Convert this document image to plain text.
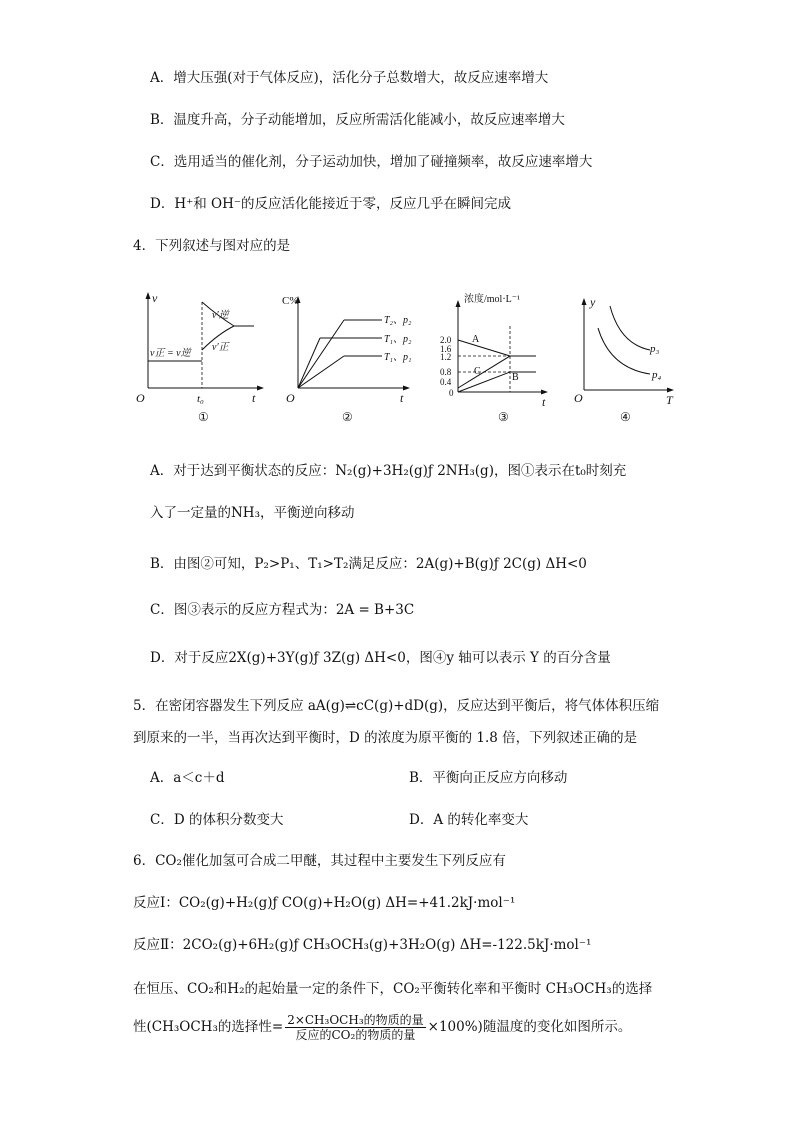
A．增大压强(对于气体反应)，活化分子总数增大，故反应速率增大
B．温度升高，分子动能增加，反应所需活化能减小，故反应速率增大
C．选用适当的催化剂，分子运动加快，增加了碰撞频率，故反应速率增大
D．H⁺和 OH⁻的反应活化能接近于零，反应几乎在瞬间完成
4．下列叙述与图对应的是
v
t
O	t₀
v′逆
v′正
v正 = v逆
①
C%
t
O
T₂、p₂
T₁、p₂
T₁、p₁
②
浓度/mol·L⁻¹
t
0
2.0
1.6
1.2
0.8
0.4
A
B
C
③
y
T
O
p₃
p₄
④
A．对于达到平衡状态的反应：N₂(g)+3H₂(g)ƒ 2NH₃(g)，图①表示在t₀时刻充
入了一定量的NH₃，平衡逆向移动
B．由图②可知，P₂>P₁、T₁>T₂满足反应：2A(g)+B(g)ƒ 2C(g) ΔH<0
C．图③表示的反应方程式为：2A = B+3C
D．对于反应2X(g)+3Y(g)ƒ 3Z(g) ΔH<0，图④y 轴可以表示 Y 的百分含量
5．在密闭容器发生下列反应 aA(g)⇌cC(g)+dD(g)，反应达到平衡后，将气体体积压缩
到原来的一半，当再次达到平衡时，D 的浓度为原平衡的 1.8 倍，下列叙述正确的是
A．a＜c＋d	B．平衡向正反应方向移动
C．D 的体积分数变大	D．A 的转化率变大
6．CO₂催化加氢可合成二甲醚，其过程中主要发生下列反应有
反应Ⅰ：CO₂(g)+H₂(g)ƒ CO(g)+H₂O(g) ΔH=+41.2kJ·mol⁻¹
反应Ⅱ：2CO₂(g)+6H₂(g)ƒ CH₃OCH₃(g)+3H₂O(g) ΔH=-122.5kJ·mol⁻¹
在恒压、CO₂和H₂的起始量一定的条件下，CO₂平衡转化率和平衡时 CH₃OCH₃的选择
性(CH₃OCH₃的选择性= $\frac{\text{2×CH₃OCH₃的物质的量}}{\text{反应的CO₂的物质的量}} \times 100\%$)随温度的变化如图所示。
